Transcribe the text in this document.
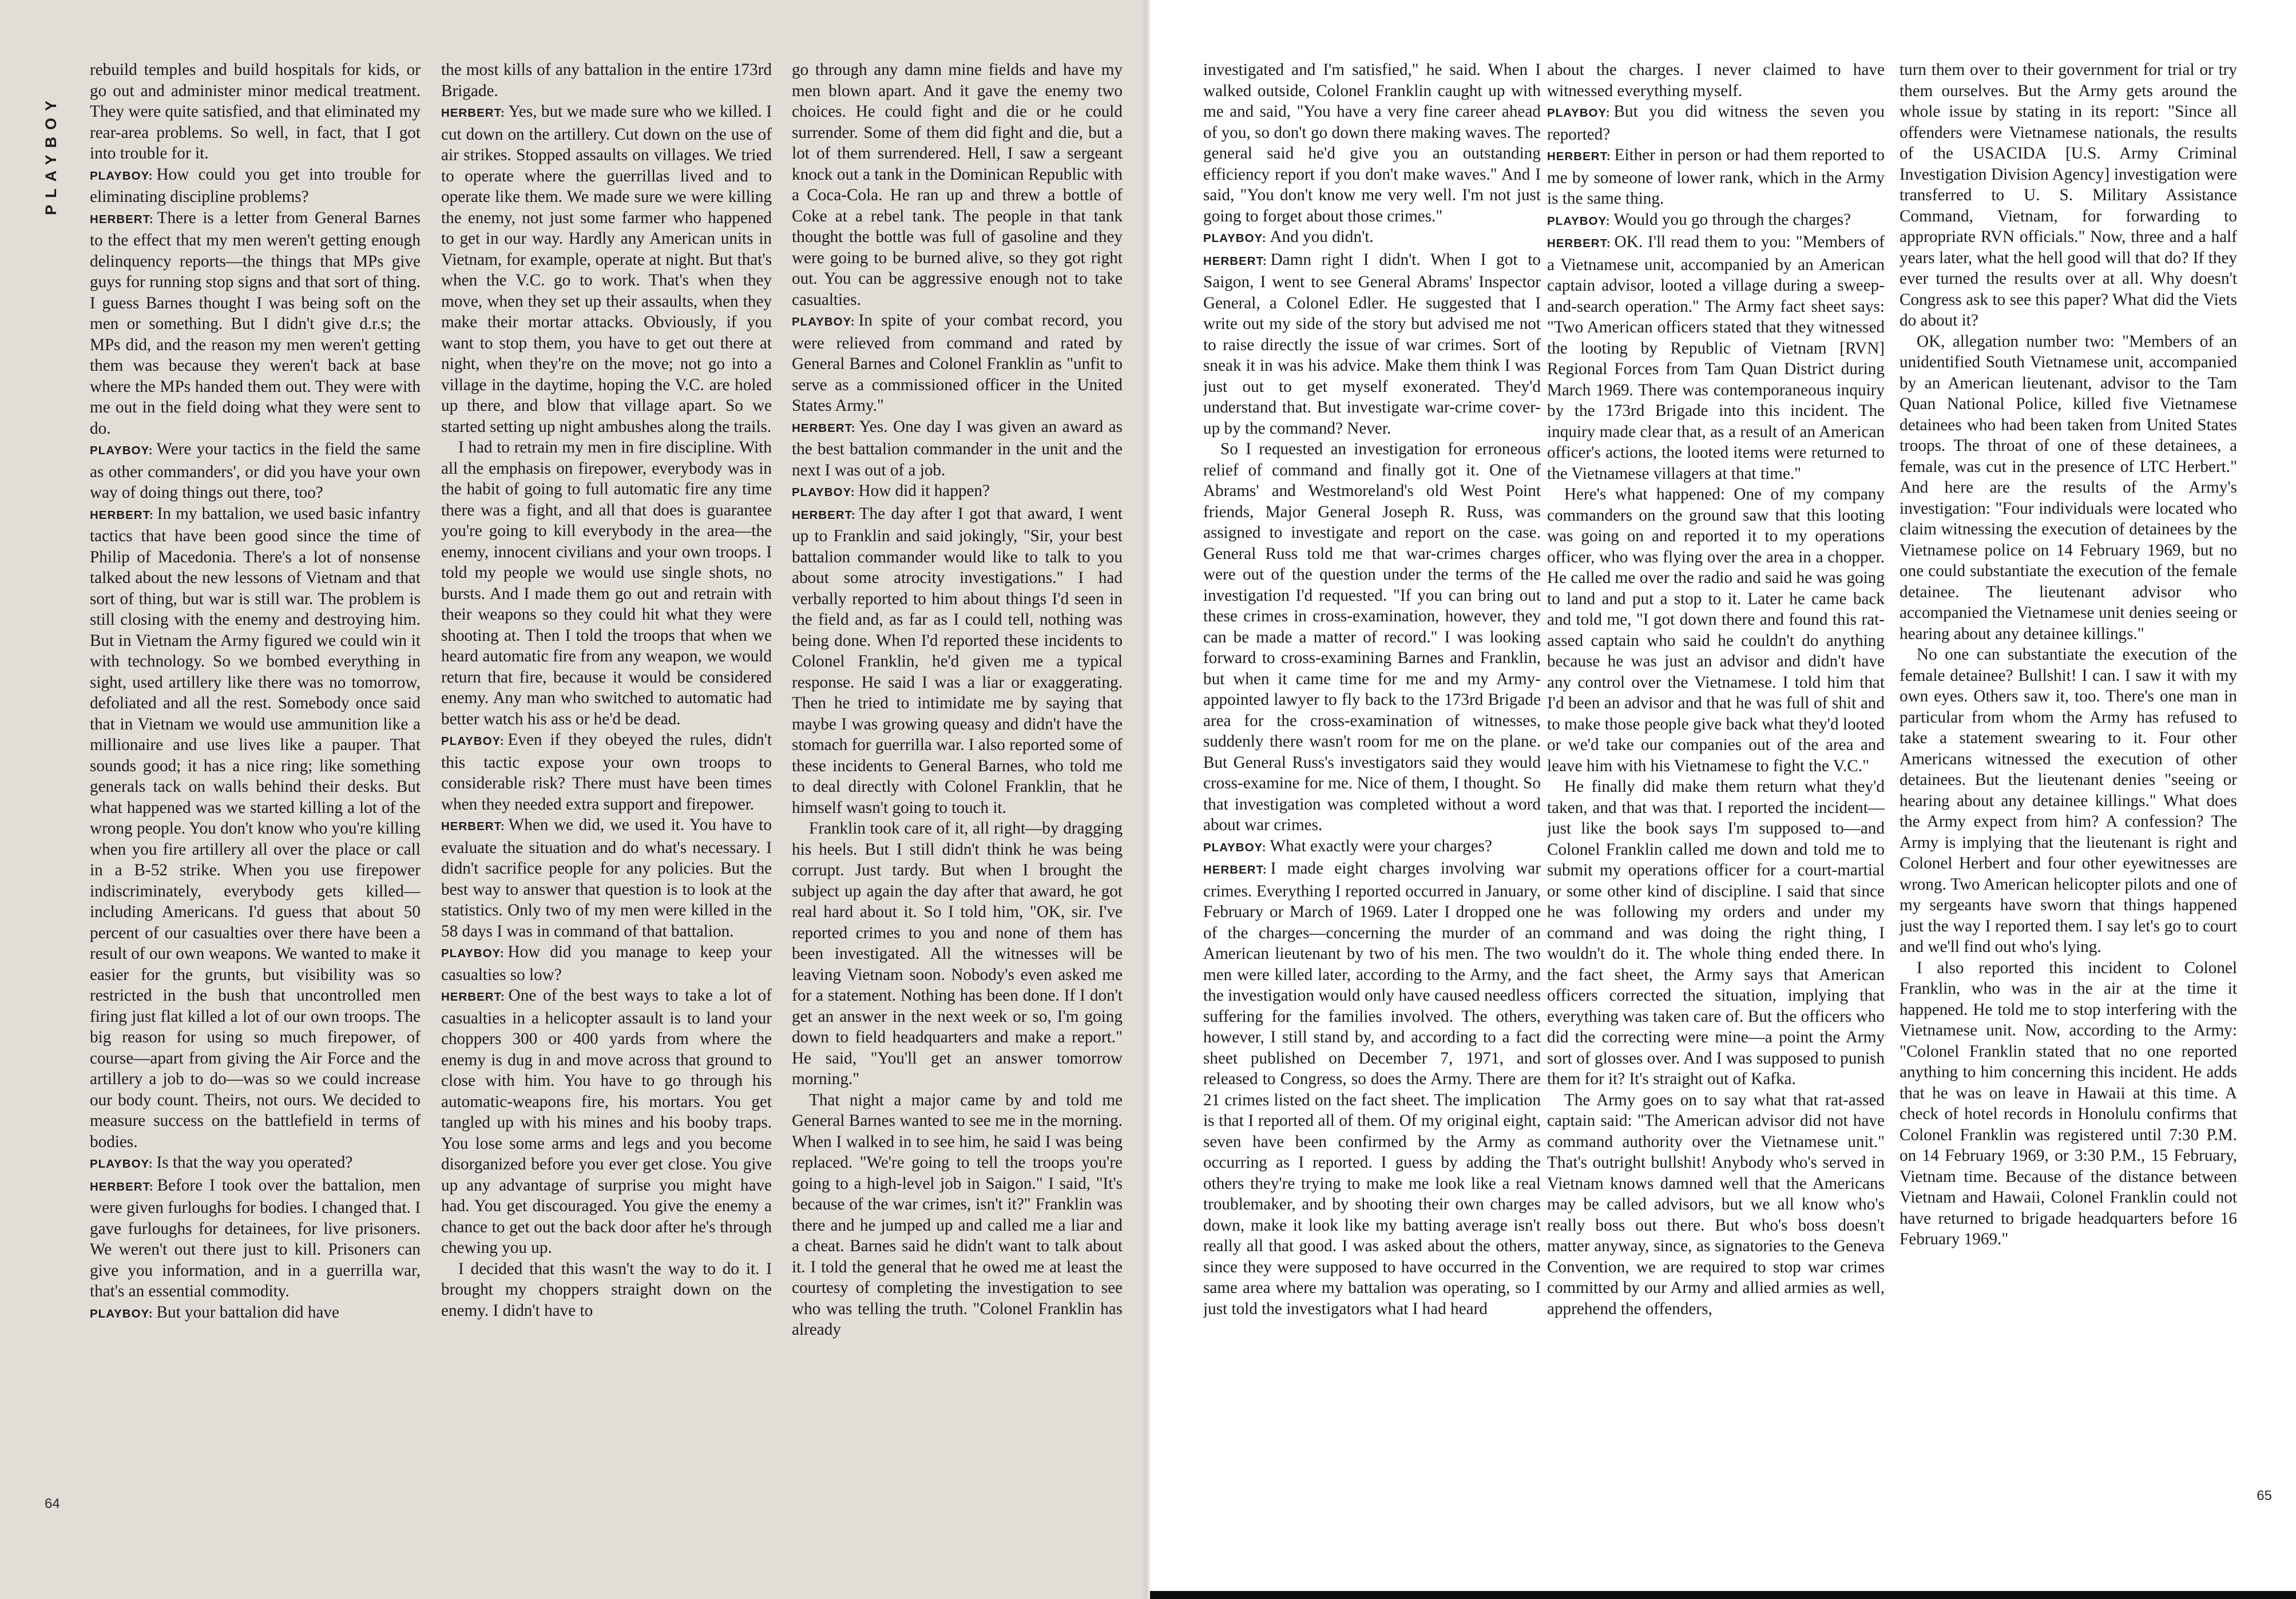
PLAYBOY

rebuild temples and build hospitals for kids, or go out and administer minor medical treatment. They were quite satisfied, and that eliminated my rear-area problems. So well, in fact, that I got into trouble for it.

PLAYBOY: How could you get into trouble for eliminating discipline problems?

HERBERT: There is a letter from General Barnes to the effect that my men weren't getting enough delinquency reports—the things that MPs give guys for running stop signs and that sort of thing. I guess Barnes thought I was being soft on the men or something. But I didn't give d.r.s; the MPs did, and the reason my men weren't getting them was because they weren't back at base where the MPs handed them out. They were with me out in the field doing what they were sent to do.

PLAYBOY: Were your tactics in the field the same as other commanders', or did you have your own way of doing things out there, too?

HERBERT: In my battalion, we used basic infantry tactics that have been good since the time of Philip of Macedonia. There's a lot of nonsense talked about the new lessons of Vietnam and that sort of thing, but war is still war. The problem is still closing with the enemy and destroying him. But in Vietnam the Army figured we could win it with technology. So we bombed everything in sight, used artillery like there was no tomorrow, defoliated and all the rest. Somebody once said that in Vietnam we would use ammunition like a millionaire and use lives like a pauper. That sounds good; it has a nice ring; like something generals tack on walls behind their desks. But what happened was we started killing a lot of the wrong people. You don't know who you're killing when you fire artillery all over the place or call in a B-52 strike. When you use firepower indiscriminately, everybody gets killed—including Americans. I'd guess that about 50 percent of our casualties over there have been a result of our own weapons. We wanted to make it easier for the grunts, but visibility was so restricted in the bush that uncontrolled men firing just flat killed a lot of our own troops. The big reason for using so much firepower, of course—apart from giving the Air Force and the artillery a job to do—was so we could increase our body count. Theirs, not ours. We decided to measure success on the battlefield in terms of bodies.

PLAYBOY: Is that the way you operated?

HERBERT: Before I took over the battalion, men were given furloughs for bodies. I changed that. I gave furloughs for detainees, for live prisoners. We weren't out there just to kill. Prisoners can give you information, and in a guerrilla war, that's an essential commodity.

PLAYBOY: But your battalion did have

the most kills of any battalion in the entire 173rd Brigade.

HERBERT: Yes, but we made sure who we killed. I cut down on the artillery. Cut down on the use of air strikes. Stopped assaults on villages. We tried to operate where the guerrillas lived and to operate like them. We made sure we were killing the enemy, not just some farmer who happened to get in our way. Hardly any American units in Vietnam, for example, operate at night. But that's when the V.C. go to work. That's when they move, when they set up their assaults, when they make their mortar attacks. Obviously, if you want to stop them, you have to get out there at night, when they're on the move; not go into a village in the daytime, hoping the V.C. are holed up there, and blow that village apart. So we started setting up night ambushes along the trails.

I had to retrain my men in fire discipline. With all the emphasis on firepower, everybody was in the habit of going to full automatic fire any time there was a fight, and all that does is guarantee you're going to kill everybody in the area—the enemy, innocent civilians and your own troops. I told my people we would use single shots, no bursts. And I made them go out and retrain with their weapons so they could hit what they were shooting at. Then I told the troops that when we heard automatic fire from any weapon, we would return that fire, because it would be considered enemy. Any man who switched to automatic had better watch his ass or he'd be dead.

PLAYBOY: Even if they obeyed the rules, didn't this tactic expose your own troops to considerable risk? There must have been times when they needed extra support and firepower.

HERBERT: When we did, we used it. You have to evaluate the situation and do what's necessary. I didn't sacrifice people for any policies. But the best way to answer that question is to look at the statistics. Only two of my men were killed in the 58 days I was in command of that battalion.

PLAYBOY: How did you manage to keep your casualties so low?

HERBERT: One of the best ways to take a lot of casualties in a helicopter assault is to land your choppers 300 or 400 yards from where the enemy is dug in and move across that ground to close with him. You have to go through his automatic-weapons fire, his mortars. You get tangled up with his mines and his booby traps. You lose some arms and legs and you become disorganized before you ever get close. You give up any advantage of surprise you might have had. You get discouraged. You give the enemy a chance to get out the back door after he's through chewing you up.

I decided that this wasn't the way to do it. I brought my choppers straight down on the enemy. I didn't have to

go through any damn mine fields and have my men blown apart. And it gave the enemy two choices. He could fight and die or he could surrender. Some of them did fight and die, but a lot of them surrendered. Hell, I saw a sergeant knock out a tank in the Dominican Republic with a Coca-Cola. He ran up and threw a bottle of Coke at a rebel tank. The people in that tank thought the bottle was full of gasoline and they were going to be burned alive, so they got right out. You can be aggressive enough not to take casualties.

PLAYBOY: In spite of your combat record, you were relieved from command and rated by General Barnes and Colonel Franklin as "unfit to serve as a commissioned officer in the United States Army."

HERBERT: Yes. One day I was given an award as the best battalion commander in the unit and the next I was out of a job.

PLAYBOY: How did it happen?

HERBERT: The day after I got that award, I went up to Franklin and said jokingly, "Sir, your best battalion commander would like to talk to you about some atrocity investigations." I had verbally reported to him about things I'd seen in the field and, as far as I could tell, nothing was being done. When I'd reported these incidents to Colonel Franklin, he'd given me a typical response. He said I was a liar or exaggerating. Then he tried to intimidate me by saying that maybe I was growing queasy and didn't have the stomach for guerrilla war. I also reported some of these incidents to General Barnes, who told me to deal directly with Colonel Franklin, that he himself wasn't going to touch it.

Franklin took care of it, all right—by dragging his heels. But I still didn't think he was being corrupt. Just tardy. But when I brought the subject up again the day after that award, he got real hard about it. So I told him, "OK, sir. I've reported crimes to you and none of them has been investigated. All the witnesses will be leaving Vietnam soon. Nobody's even asked me for a statement. Nothing has been done. If I don't get an answer in the next week or so, I'm going down to field headquarters and make a report." He said, "You'll get an answer tomorrow morning."

That night a major came by and told me General Barnes wanted to see me in the morning. When I walked in to see him, he said I was being replaced. "We're going to tell the troops you're going to a high-level job in Saigon." I said, "It's because of the war crimes, isn't it?" Franklin was there and he jumped up and called me a liar and a cheat. Barnes said he didn't want to talk about it. I told the general that he owed me at least the courtesy of completing the investigation to see who was telling the truth. "Colonel Franklin has already

64

investigated and I'm satisfied," he said. When I walked outside, Colonel Franklin caught up with me and said, "You have a very fine career ahead of you, so don't go down there making waves. The general said he'd give you an outstanding efficiency report if you don't make waves." And I said, "You don't know me very well. I'm not just going to forget about those crimes."

PLAYBOY: And you didn't.

HERBERT: Damn right I didn't. When I got to Saigon, I went to see General Abrams' Inspector General, a Colonel Edler. He suggested that I write out my side of the story but advised me not to raise directly the issue of war crimes. Sort of sneak it in was his advice. Make them think I was just out to get myself exonerated. They'd understand that. But investigate war-crime cover-up by the command? Never.

So I requested an investigation for erroneous relief of command and finally got it. One of Abrams' and Westmoreland's old West Point friends, Major General Joseph R. Russ, was assigned to investigate and report on the case. General Russ told me that war-crimes charges were out of the question under the terms of the investigation I'd requested. "If you can bring out these crimes in cross-examination, however, they can be made a matter of record." I was looking forward to cross-examining Barnes and Franklin, but when it came time for me and my Army-appointed lawyer to fly back to the 173rd Brigade area for the cross-examination of witnesses, suddenly there wasn't room for me on the plane. But General Russ's investigators said they would cross-examine for me. Nice of them, I thought. So that investigation was completed without a word about war crimes.

PLAYBOY: What exactly were your charges?

HERBERT: I made eight charges involving war crimes. Everything I reported occurred in January, February or March of 1969. Later I dropped one of the charges—concerning the murder of an American lieutenant by two of his men. The two men were killed later, according to the Army, and the investigation would only have caused needless suffering for the families involved. The others, however, I still stand by, and according to a fact sheet published on December 7, 1971, and released to Congress, so does the Army. There are 21 crimes listed on the fact sheet. The implication is that I reported all of them. Of my original eight, seven have been confirmed by the Army as occurring as I reported. I guess by adding the others they're trying to make me look like a real troublemaker, and by shooting their own charges down, make it look like my batting average isn't really all that good. I was asked about the others, since they were supposed to have occurred in the same area where my battalion was operating, so I just told the investigators what I had heard

about the charges. I never claimed to have witnessed everything myself.

PLAYBOY: But you did witness the seven you reported?

HERBERT: Either in person or had them reported to me by someone of lower rank, which in the Army is the same thing.

PLAYBOY: Would you go through the charges?

HERBERT: OK. I'll read them to you: "Members of a Vietnamese unit, accompanied by an American captain advisor, looted a village during a sweep-and-search operation." The Army fact sheet says: "Two American officers stated that they witnessed the looting by Republic of Vietnam [RVN] Regional Forces from Tam Quan District during March 1969. There was contemporaneous inquiry by the 173rd Brigade into this incident. The inquiry made clear that, as a result of an American officer's actions, the looted items were returned to the Vietnamese villagers at that time."

Here's what happened: One of my company commanders on the ground saw that this looting was going on and reported it to my operations officer, who was flying over the area in a chopper. He called me over the radio and said he was going to land and put a stop to it. Later he came back and told me, "I got down there and found this rat-assed captain who said he couldn't do anything because he was just an advisor and didn't have any control over the Vietnamese. I told him that I'd been an advisor and that he was full of shit and to make those people give back what they'd looted or we'd take our companies out of the area and leave him with his Vietnamese to fight the V.C."

He finally did make them return what they'd taken, and that was that. I reported the incident—just like the book says I'm supposed to—and Colonel Franklin called me down and told me to submit my operations officer for a court-martial or some other kind of discipline. I said that since he was following my orders and under my command and was doing the right thing, I wouldn't do it. The whole thing ended there. In the fact sheet, the Army says that American officers corrected the situation, implying that everything was taken care of. But the officers who did the correcting were mine—a point the Army sort of glosses over. And I was supposed to punish them for it? It's straight out of Kafka.

The Army goes on to say what that rat-assed captain said: "The American advisor did not have command authority over the Vietnamese unit." That's outright bullshit! Anybody who's served in Vietnam knows damned well that the Americans may be called advisors, but we all know who's really boss out there. But who's boss doesn't matter anyway, since, as signatories to the Geneva Convention, we are required to stop war crimes committed by our Army and allied armies as well, apprehend the offenders,

turn them over to their government for trial or try them ourselves. But the Army gets around the whole issue by stating in its report: "Since all offenders were Vietnamese nationals, the results of the USACIDA [U.S. Army Criminal Investigation Division Agency] investigation were transferred to U. S. Military Assistance Command, Vietnam, for forwarding to appropriate RVN officials." Now, three and a half years later, what the hell good will that do? If they ever turned the results over at all. Why doesn't Congress ask to see this paper? What did the Viets do about it?

OK, allegation number two: "Members of an unidentified South Vietnamese unit, accompanied by an American lieutenant, advisor to the Tam Quan National Police, killed five Vietnamese detainees who had been taken from United States troops. The throat of one of these detainees, a female, was cut in the presence of LTC Herbert." And here are the results of the Army's investigation: "Four individuals were located who claim witnessing the execution of detainees by the Vietnamese police on 14 February 1969, but no one could substantiate the execution of the female detainee. The lieutenant advisor who accompanied the Vietnamese unit denies seeing or hearing about any detainee killings."

No one can substantiate the execution of the female detainee? Bullshit! I can. I saw it with my own eyes. Others saw it, too. There's one man in particular from whom the Army has refused to take a statement swearing to it. Four other Americans witnessed the execution of other detainees. But the lieutenant denies "seeing or hearing about any detainee killings." What does the Army expect from him? A confession? The Army is implying that the lieutenant is right and Colonel Herbert and four other eyewitnesses are wrong. Two American helicopter pilots and one of my sergeants have sworn that things happened just the way I reported them. I say let's go to court and we'll find out who's lying.

I also reported this incident to Colonel Franklin, who was in the air at the time it happened. He told me to stop interfering with the Vietnamese unit. Now, according to the Army: "Colonel Franklin stated that no one reported anything to him concerning this incident. He adds that he was on leave in Hawaii at this time. A check of hotel records in Honolulu confirms that Colonel Franklin was registered until 7:30 P.M. on 14 February 1969, or 3:30 P.M., 15 February, Vietnam time. Because of the distance between Vietnam and Hawaii, Colonel Franklin could not have returned to brigade headquarters before 16 February 1969."

65
